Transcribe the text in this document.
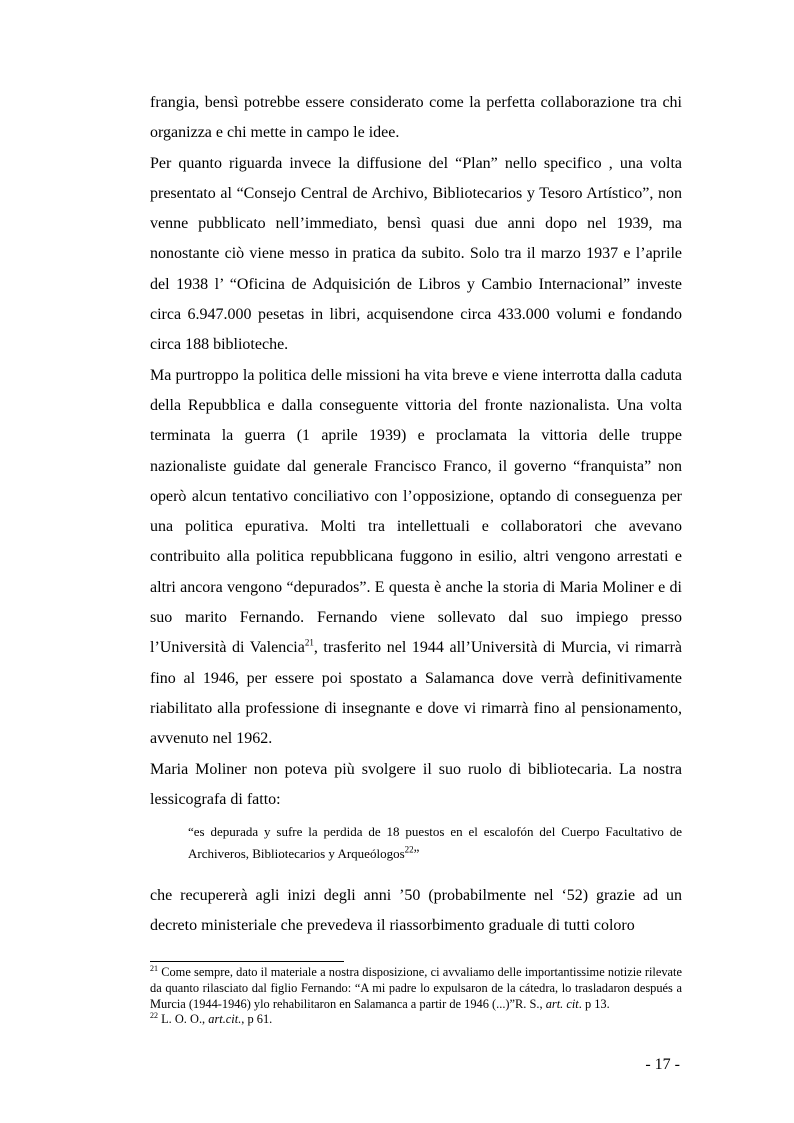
frangia, bensì potrebbe essere considerato come la perfetta collaborazione tra chi organizza e chi mette in campo le idee.

Per quanto riguarda invece la diffusione del “Plan” nello specifico , una volta presentato al “Consejo Central de Archivo, Bibliotecarios y Tesoro Artístico”, non venne pubblicato nell’immediato, bensì quasi due anni dopo nel 1939, ma nonostante ciò viene messo in pratica da subito. Solo tra il marzo 1937 e l’aprile del 1938 l’ “Oficina de Adquisición de Libros y Cambio Internacional” investe circa 6.947.000 pesetas in libri, acquisendone circa 433.000 volumi e fondando circa 188 biblioteche.

Ma purtroppo la politica delle missioni ha vita breve e viene interrotta dalla caduta della Repubblica e dalla conseguente vittoria del fronte nazionalista. Una volta terminata la guerra (1 aprile 1939) e proclamata la vittoria delle truppe nazionaliste guidate dal generale Francisco Franco, il governo “franquista” non operò alcun tentativo conciliativo con l’opposizione, optando di conseguenza per una politica epurativa. Molti tra intellettuali e collaboratori che avevano contribuito alla politica repubblicana fuggono in esilio, altri vengono arrestati e altri ancora vengono “depurados”. E questa è anche la storia di Maria Moliner e di suo marito Fernando. Fernando viene sollevato dal suo impiego presso l’Università di Valencia$^{21}$, trasferito nel 1944 all’Università di Murcia, vi rimarrà fino al 1946, per essere poi spostato a Salamanca dove verrà definitivamente riabilitato alla professione di insegnante e dove vi rimarrà fino al pensionamento, avvenuto nel 1962.

Maria Moliner non poteva più svolgere il suo ruolo di bibliotecaria. La nostra lessicografa di fatto:

“es depurada y sufre la perdida de 18 puestos en el escalofón del Cuerpo Facultativo de Archiveros, Bibliotecarios y Arqueólogos$^{22}$”

che recupererà agli inizi degli anni ’50 (probabilmente nel ‘52) grazie ad un decreto ministeriale che prevedeva il riassorbimento graduale di tutti coloro

$^{21}$ Come sempre, dato il materiale a nostra disposizione, ci avvaliamo delle importantissime notizie rilevate da quanto rilasciato dal figlio Fernando: “A mi padre lo expulsaron de la cátedra, lo trasladaron después a Murcia (1944-1946) ylo rehabilitaron en Salamanca a partir de 1946 (...)”R. S., art. cit. p 13.

$^{22}$ L. O. O., art.cit., p 61.

- 17 -
